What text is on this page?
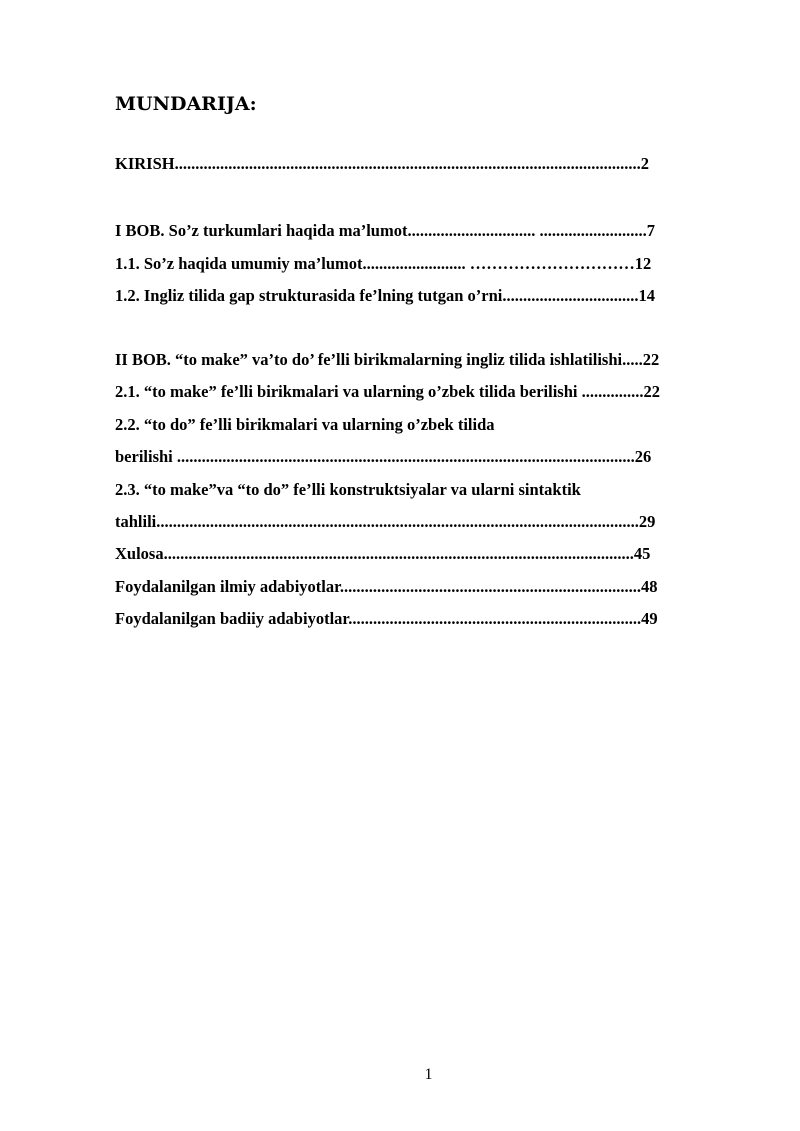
MUNDARIJA:
KIRISH.................................................................................................................2
I BOB. So’z turkumlari haqida ma’lumot............................... ..........................7
1.1. So’z haqida umumiy ma’lumot......................... …………………………12
1.2. Ingliz tilida gap strukturasida fe’lning tutgan o’rni.................................14
II BOB. “to make” va’to do’ fe’lli birikmalarning ingliz tilida ishlatilishi.....22
2.1. “to make” fe’lli birikmalari va ularning o’zbek tilida berilishi ...............22
2.2. “to do” fe’lli birikmalari va ularning o’zbek tilida
berilishi ...............................................................................................................26
2.3. “to make”va “to do” fe’lli konstruktsiyalar va ularni sintaktik
tahlili.....................................................................................................................29
Xulosa..................................................................................................................45
Foydalanilgan ilmiy adabiyotlar.........................................................................48
Foydalanilgan badiiy adabiyotlar.......................................................................49
1
